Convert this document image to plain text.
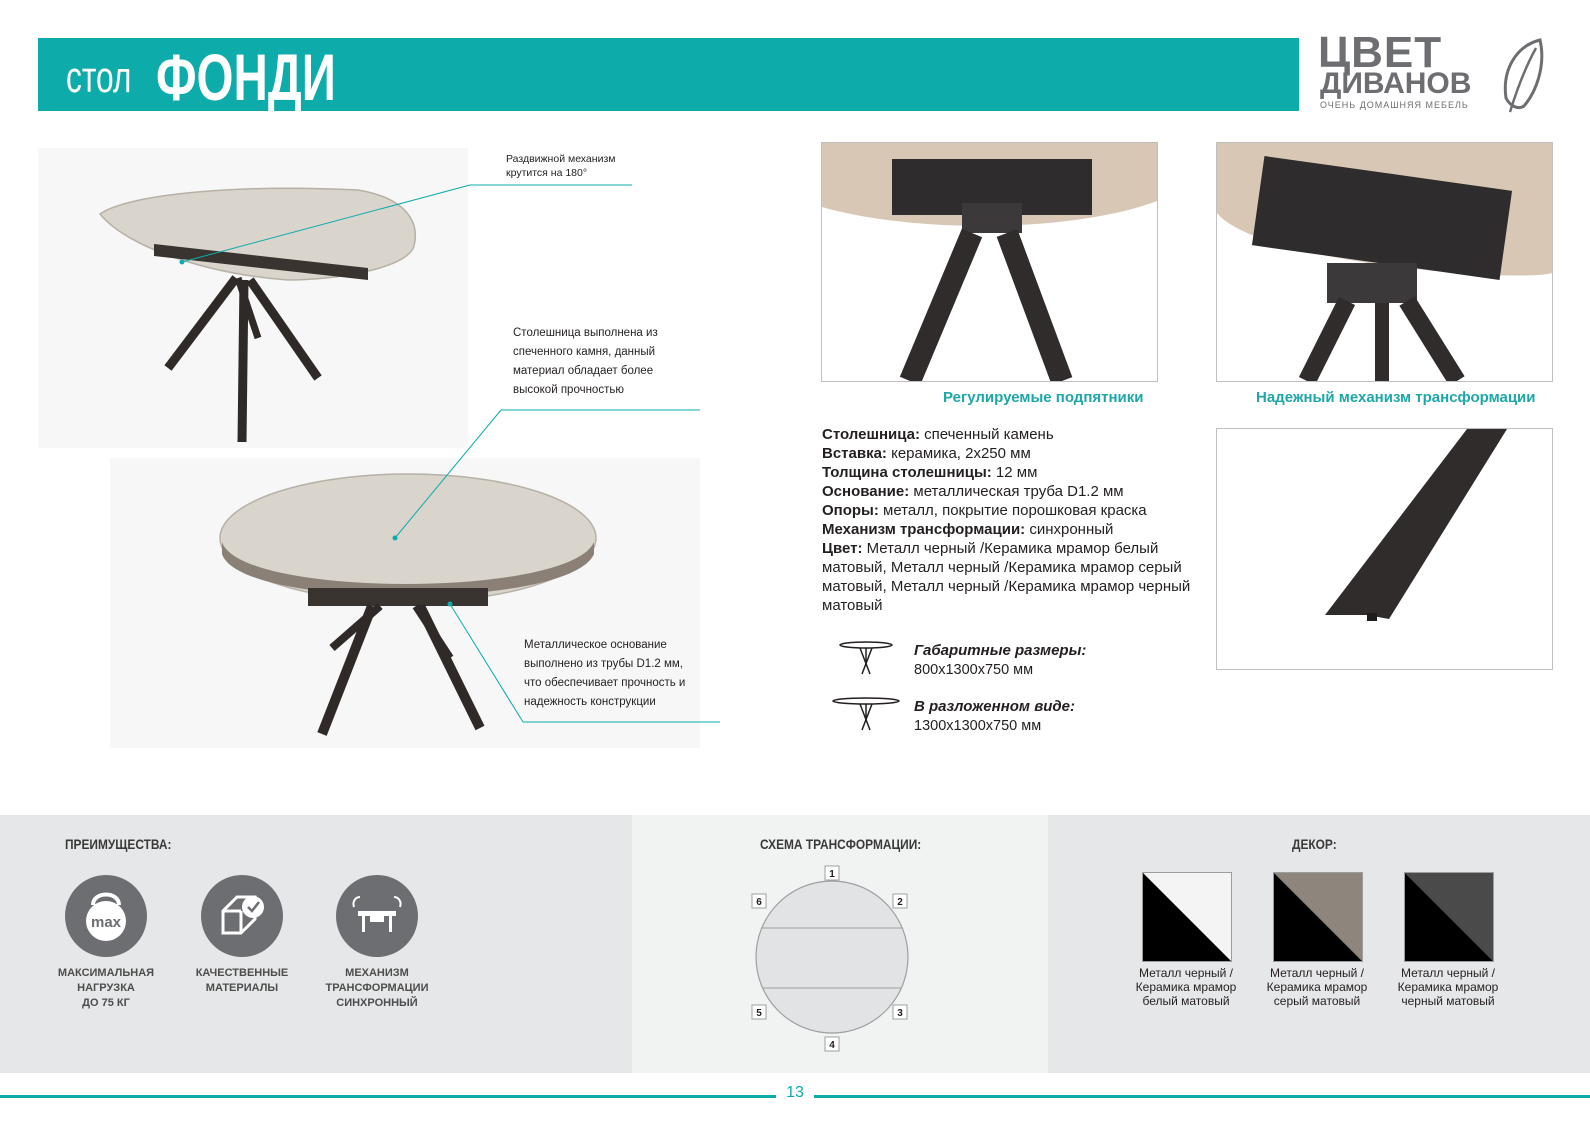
стол ФОНДИ	ЦВЕТ
ДИВАНОВ
ОЧЕНЬ ДОМАШНЯЯ МЕБЕЛЬ
Раздвижной механизм
крутится на 180°
Столешница выполнена из
спеченного камня, данный
материал обладает более
высокой прочностью
Металлическое основание
выполнено из трубы D1.2 мм,
что обеспечивает прочность и
надежность конструкции
Регулируемые подпятники	Надежный механизм трансформации
Столешница: спеченный камень
Вставка: керамика, 2x250 мм
Толщина столешницы: 12 мм
Основание: металлическая труба D1.2 мм
Опоры: металл, покрытие порошковая краска
Механизм трансформации: синхронный
Цвет: Металл черный /Керамика мрамор белый матовый, Металл черный /Керамика мрамор серый матовый, Металл черный /Керамика мрамор черный матовый
Габаритные размеры:
800x1300x750 мм
В разложенном виде:
1300x1300x750 мм
ПРЕИМУЩЕСТВА:
max
МАКСИМАЛЬНАЯ
НАГРУЗКА
ДО 75 КГ
КАЧЕСТВЕННЫЕ
МАТЕРИАЛЫ
МЕХАНИЗМ
ТРАНСФОРМАЦИИ
СИНХРОННЫЙ
СХЕМА ТРАНСФОРМАЦИИ:
1
2
3
4
5
6
ДЕКОР:
Металл черный /
Керамика мрамор
белый матовый
Металл черный /
Керамика мрамор
серый матовый
Металл черный /
Керамика мрамор
черный матовый
13
